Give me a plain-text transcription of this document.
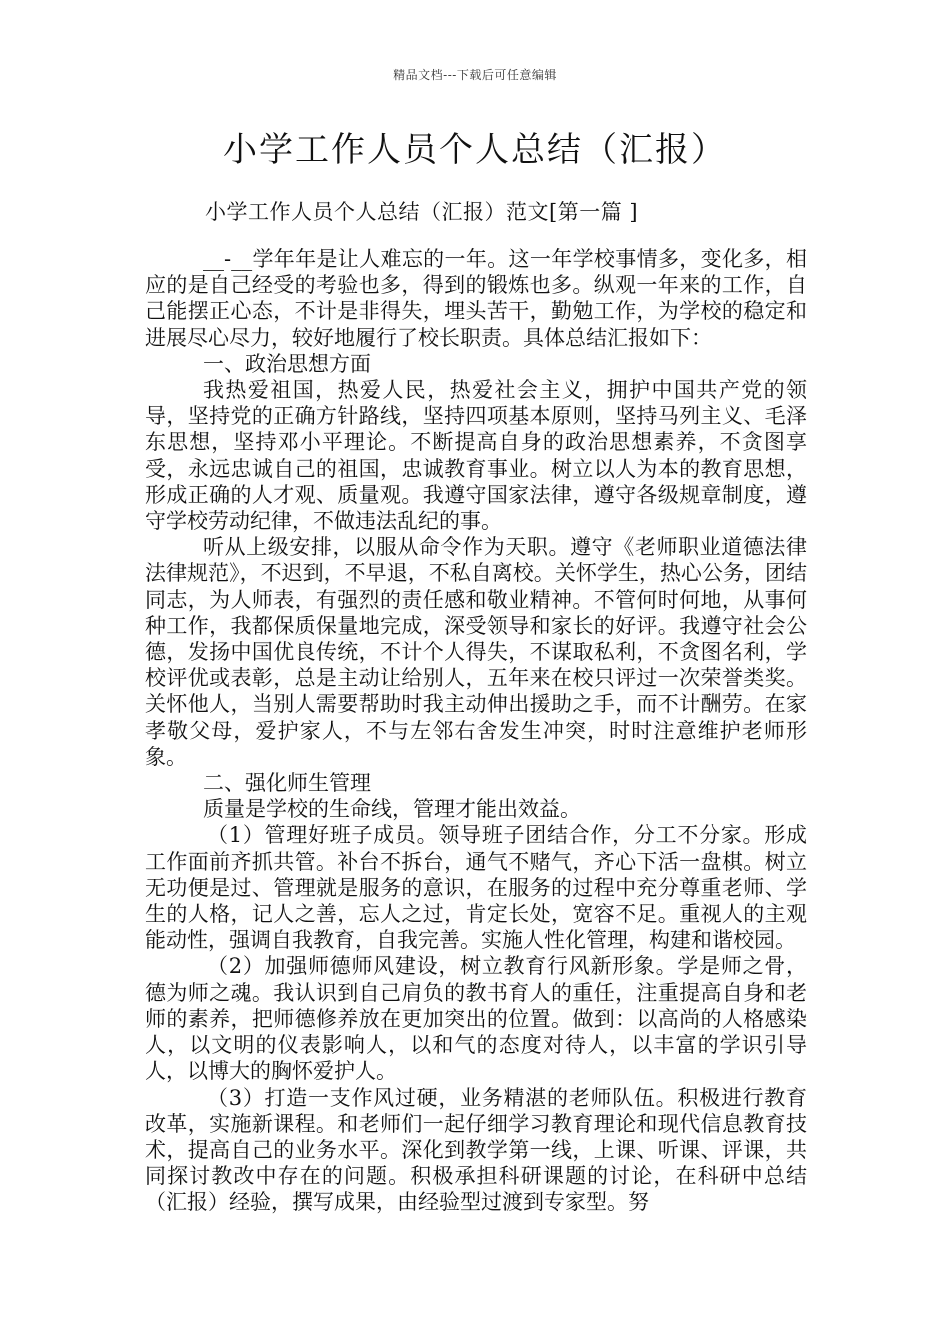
精品文档---下载后可任意编辑
小学工作人员个人总结（汇报）
小学工作人员个人总结（汇报）范文[第一篇 ]

__-__学年年是让人难忘的一年。这一年学校事情多，变化多，相应的是自己经受的考验也多，得到的锻炼也多。纵观一年来的工作，自己能摆正心态，不计是非得失，埋头苦干，勤勉工作，为学校的稳定和进展尽心尽力，较好地履行了校长职责。具体总结汇报如下：

一、政治思想方面

我热爱祖国，热爱人民，热爱社会主义，拥护中国共产党的领导，坚持党的正确方针路线，坚持四项基本原则，坚持马列主义、毛泽东思想，坚持邓小平理论。不断提高自身的政治思想素养，不贪图享受，永远忠诚自己的祖国，忠诚教育事业。树立以人为本的教育思想，形成正确的人才观、质量观。我遵守国家法律，遵守各级规章制度，遵守学校劳动纪律，不做违法乱纪的事。

听从上级安排，以服从命令作为天职。遵守《老师职业道德法律法律规范》，不迟到，不早退，不私自离校。关怀学生，热心公务，团结同志，为人师表，有强烈的责任感和敬业精神。不管何时何地，从事何种工作，我都保质保量地完成，深受领导和家长的好评。我遵守社会公德，发扬中国优良传统，不计个人得失，不谋取私利，不贪图名利，学校评优或表彰，总是主动让给别人，五年来在校只评过一次荣誉类奖。关怀他人，当别人需要帮助时我主动伸出援助之手，而不计酬劳。在家孝敬父母，爱护家人，不与左邻右舍发生冲突，时时注意维护老师形象。

二、强化师生管理

质量是学校的生命线，管理才能出效益。

（1）管理好班子成员。领导班子团结合作，分工不分家。形成工作面前齐抓共管。补台不拆台，通气不赌气，齐心下活一盘棋。树立无功便是过、管理就是服务的意识，在服务的过程中充分尊重老师、学生的人格，记人之善，忘人之过，肯定长处，宽容不足。重视人的主观能动性，强调自我教育，自我完善。实施人性化管理，构建和谐校园。

（2）加强师德师风建设，树立教育行风新形象。学是师之骨，德为师之魂。我认识到自己肩负的教书育人的重任，注重提高自身和老师的素养，把师德修养放在更加突出的位置。做到：以高尚的人格感染人，以文明的仪表影响人，以和气的态度对待人，以丰富的学识引导人，以博大的胸怀爱护人。

（3）打造一支作风过硬，业务精湛的老师队伍。积极进行教育改革，实施新课程。和老师们一起仔细学习教育理论和现代信息教育技术，提高自己的业务水平。深化到教学第一线，上课、听课、评课，共同探讨教改中存在的问题。积极承担科研课题的讨论，在科研中总结（汇报）经验，撰写成果，由经验型过渡到专家型。努
